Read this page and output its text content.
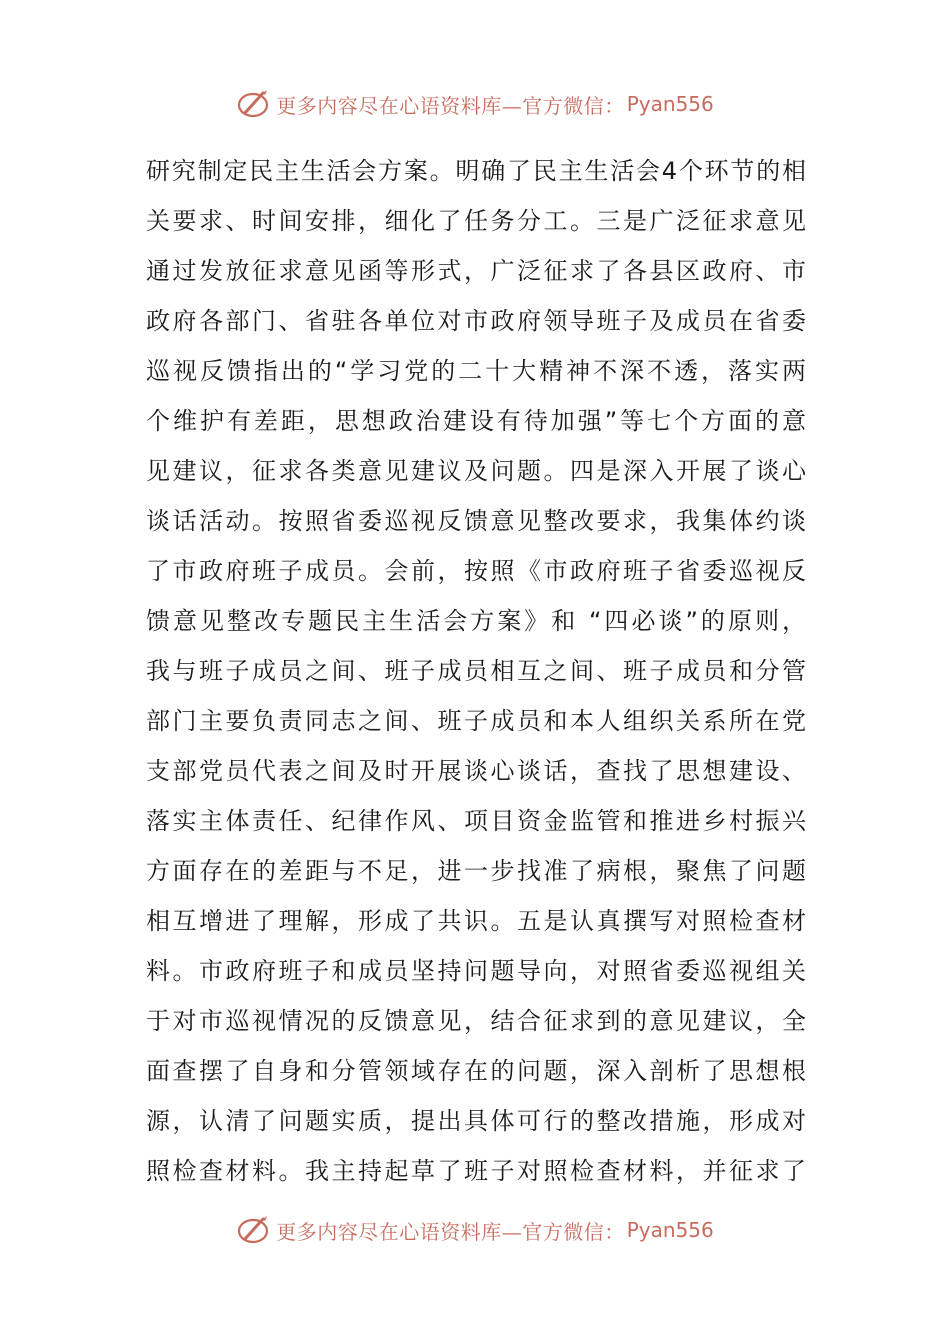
更多内容尽在心语资料库—官方微信： Pyan556
研究制定民主生活会方案。明确了民主生活会4个环节的相
关要求、时间安排，细化了任务分工。三是广泛征求意见
通过发放征求意见函等形式，广泛征求了各县区政府、市
政府各部门、省驻各单位对市政府领导班子及成员在省委
巡视反馈指出的“学习党的二十大精神不深不透，落实两
个维护有差距，思想政治建设有待加强”等七个方面的意
见建议，征求各类意见建议及问题。四是深入开展了谈心
谈话活动。按照省委巡视反馈意见整改要求，我集体约谈
了市政府班子成员。会前，按照《市政府班子省委巡视反
馈意见整改专题民主生活会方案》和 “四必谈”的原则，
我与班子成员之间、班子成员相互之间、班子成员和分管
部门主要负责同志之间、班子成员和本人组织关系所在党
支部党员代表之间及时开展谈心谈话，查找了思想建设、
落实主体责任、纪律作风、项目资金监管和推进乡村振兴
方面存在的差距与不足，进一步找准了病根，聚焦了问题
相互增进了理解，形成了共识。五是认真撰写对照检查材
料。市政府班子和成员坚持问题导向，对照省委巡视组关
于对市巡视情况的反馈意见，结合征求到的意见建议，全
面查摆了自身和分管领域存在的问题，深入剖析了思想根
源，认清了问题实质，提出具体可行的整改措施，形成对
照检查材料。我主持起草了班子对照检查材料，并征求了
更多内容尽在心语资料库—官方微信： Pyan556
